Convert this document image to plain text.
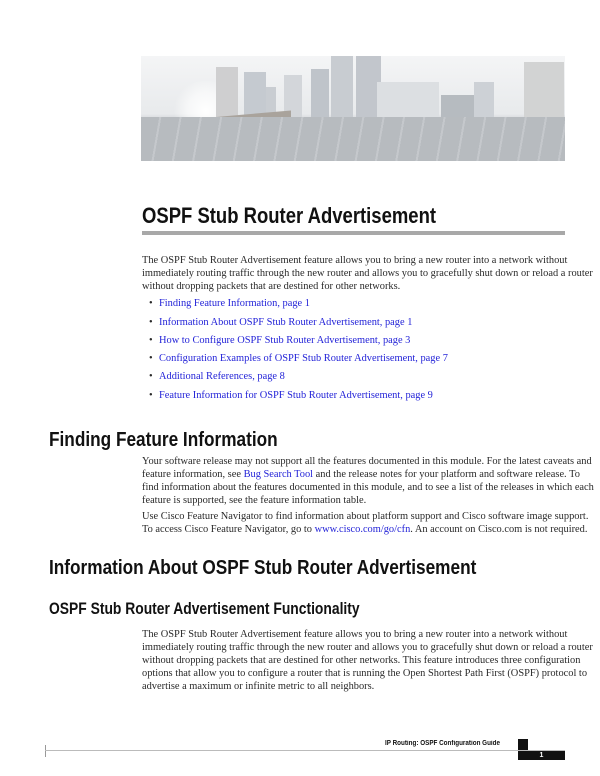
OSPF Stub Router Advertisement
The OSPF Stub Router Advertisement feature allows you to bring a new router into a network without
immediately routing traffic through the new router and allows you to gracefully shut down or reload a router
without dropping packets that are destined for other networks.
• Finding Feature Information, page 1
• Information About OSPF Stub Router Advertisement, page 1
• How to Configure OSPF Stub Router Advertisement, page 3
• Configuration Examples of OSPF Stub Router Advertisement, page 7
• Additional References, page 8
• Feature Information for OSPF Stub Router Advertisement, page 9
Finding Feature Information
Your software release may not support all the features documented in this module. For the latest caveats and
feature information, see Bug Search Tool and the release notes for your platform and software release. To
find information about the features documented in this module, and to see a list of the releases in which each
feature is supported, see the feature information table.
Use Cisco Feature Navigator to find information about platform support and Cisco software image support.
To access Cisco Feature Navigator, go to www.cisco.com/go/cfn. An account on Cisco.com is not required.
Information About OSPF Stub Router Advertisement
OSPF Stub Router Advertisement Functionality
The OSPF Stub Router Advertisement feature allows you to bring a new router into a network without
immediately routing traffic through the new router and allows you to gracefully shut down or reload a router
without dropping packets that are destined for other networks. This feature introduces three configuration
options that allow you to configure a router that is running the Open Shortest Path First (OSPF) protocol to
advertise a maximum or infinite metric to all neighbors.
IP Routing: OSPF Configuration Guide
1
